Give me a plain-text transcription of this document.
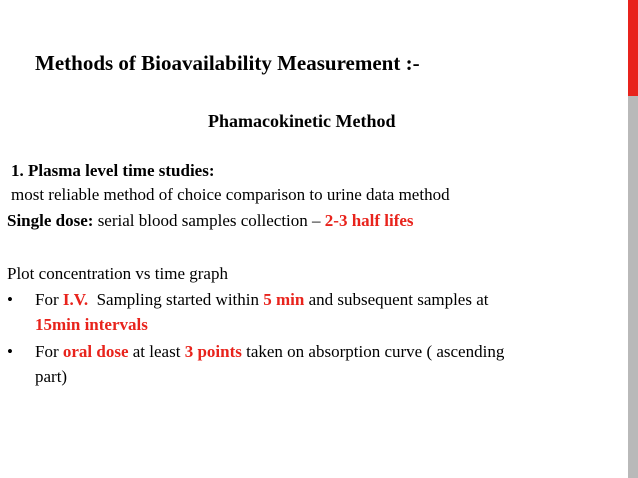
Methods of Bioavailability Measurement :-
Phamacokinetic Method
1. Plasma level time studies:
most reliable method of choice comparison to urine data method
Single dose: serial blood samples collection – 2-3 half lifes
Plot concentration vs time graph
• For I.V.  Sampling started within 5 min and subsequent samples at
15min intervals
• For oral dose at least 3 points taken on absorption curve ( ascending
part)
